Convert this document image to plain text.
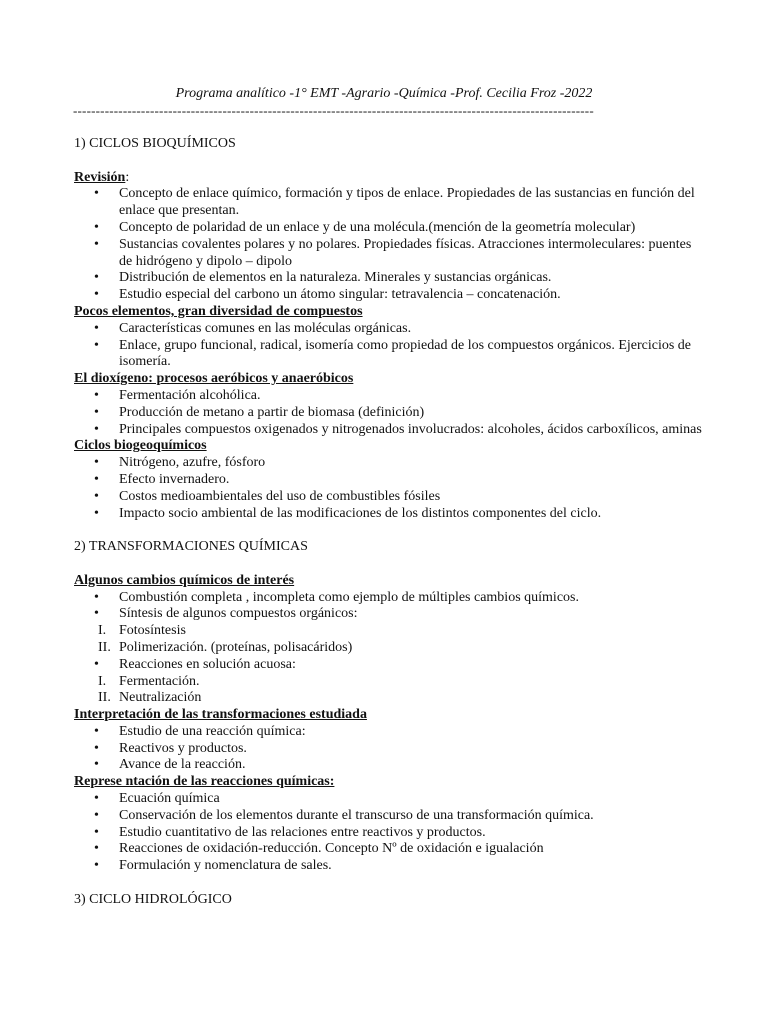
Programa analítico -1° EMT -Agrario -Química -Prof. Cecilia Froz -2022
-------------------------------------------------------------------------------------------------------------------
1) CICLOS BIOQUÍMICOS
Revisión:
•	Concepto de enlace químico, formación y tipos de enlace. Propiedades de las sustancias en función del enlace que presentan.
•	Concepto de polaridad de un enlace y de una molécula.(mención de la geometría molecular)
•	Sustancias covalentes polares y no polares. Propiedades físicas. Atracciones intermoleculares: puentes de hidrógeno y dipolo – dipolo
•	Distribución de elementos en la naturaleza. Minerales y sustancias orgánicas.
•	Estudio especial del carbono un átomo singular: tetravalencia – concatenación.
Pocos elementos, gran diversidad de compuestos
•	Características comunes en las moléculas orgánicas.
•	Enlace, grupo funcional, radical, isomería como propiedad de los compuestos orgánicos. Ejercicios de isomería.
El dioxígeno: procesos aeróbicos y anaeróbicos
•	Fermentación alcohólica.
•	Producción de metano a partir de biomasa (definición)
•	Principales compuestos oxigenados y nitrogenados involucrados: alcoholes, ácidos carboxílicos, aminas
Ciclos biogeoquímicos
•	Nitrógeno, azufre, fósforo
•	Efecto invernadero.
•	Costos medioambientales del uso de combustibles fósiles
•	Impacto socio ambiental de las modificaciones de los distintos componentes del ciclo.
2) TRANSFORMACIONES QUÍMICAS
Algunos cambios químicos de interés
•	Combustión completa , incompleta como ejemplo de múltiples cambios químicos.
•	Síntesis de algunos compuestos orgánicos:
I. Fotosíntesis
II. Polimerización. (proteínas, polisacáridos)
•	Reacciones en solución acuosa:
I. Fermentación.
II. Neutralización
Interpretación de las transformaciones estudiada
•	Estudio de una reacción química:
•	Reactivos y productos.
•	Avance de la reacción.
Represe ntación de las reacciones químicas:
•	Ecuación química
•	Conservación de los elementos durante el transcurso de una transformación química.
•	Estudio cuantitativo de las relaciones entre reactivos y productos.
•	Reacciones de oxidación-reducción. Concepto Nº de oxidación e igualación
•	Formulación y nomenclatura de sales.
3) CICLO HIDROLÓGICO
